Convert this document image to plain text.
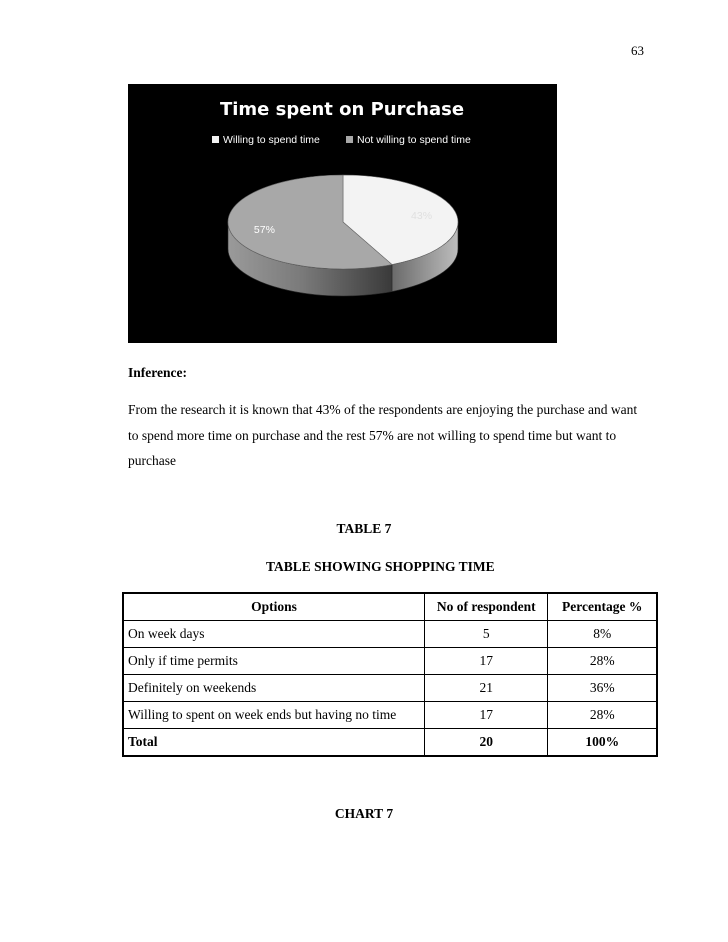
63
Time spent on Purchase
Willing to spend time	Not willing to spend time
43%
57%
Inference:
From the research it is known that 43% of the respondents are enjoying the purchase and want to spend more time on purchase and the rest 57% are not willing to spend time but want to purchase
TABLE 7
TABLE SHOWING SHOPPING TIME
Options	No of respondent	Percentage %
On week days	5	8%
Only if time permits	17	28%
Definitely on weekends	21	36%
Willing to spent on week ends but having no time	17	28%
Total	20	100%
CHART 7
